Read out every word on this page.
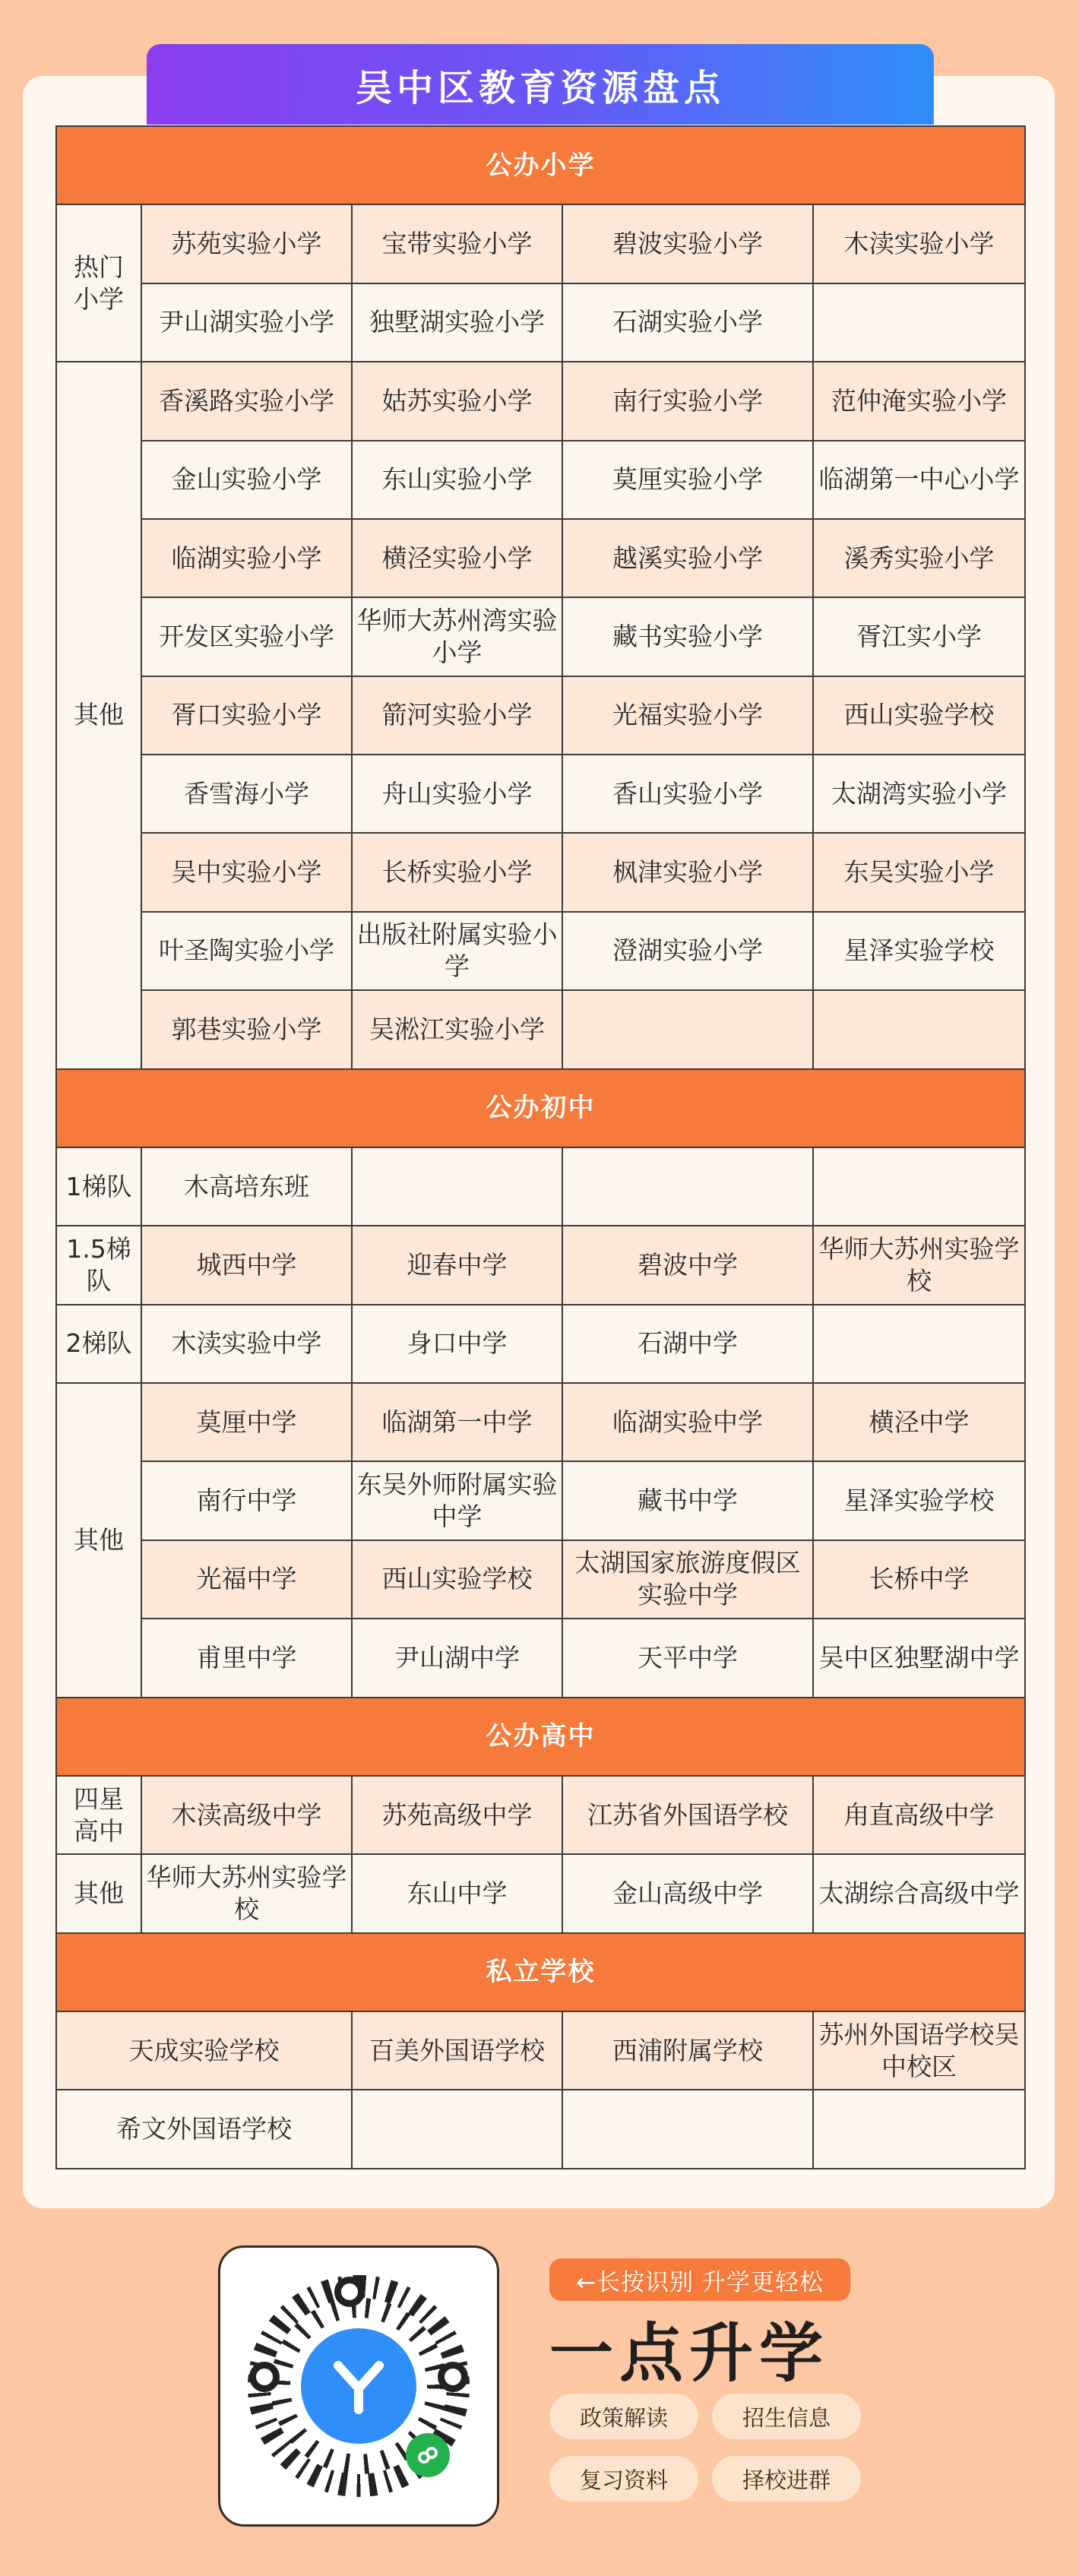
吴中区教育资源盘点
公办小学				
热门
小学	苏苑实验小学	宝带实验小学	碧波实验小学	木渎实验小学
	尹山湖实验小学	独墅湖实验小学	石湖实验小学	
其他	香溪路实验小学	姑苏实验小学	南行实验小学	范仲淹实验小学
	金山实验小学	东山实验小学	莫厘实验小学	临湖第一中心小学
	临湖实验小学	横泾实验小学	越溪实验小学	溪秀实验小学
	开发区实验小学	华师大苏州湾实验小学	藏书实验小学	胥江实小学
	胥口实验小学	箭河实验小学	光福实验小学	西山实验学校
	香雪海小学	舟山实验小学	香山实验小学	太湖湾实验小学
	吴中实验小学	长桥实验小学	枫津实验小学	东吴实验小学
	叶圣陶实验小学	出版社附属实验小学	澄湖实验小学	星泽实验学校
	郭巷实验小学	吴淞江实验小学		
公办初中				
1梯队	木高培东班			
1.5梯队	城西中学	迎春中学	碧波中学	华师大苏州实验学校
2梯队	木渎实验中学	身口中学	石湖中学	
其他	莫厘中学	临湖第一中学	临湖实验中学	横泾中学
	南行中学	东吴外师附属实验中学	藏书中学	星泽实验学校
	光福中学	西山实验学校	太湖国家旅游度假区实验中学	长桥中学
	甫里中学	尹山湖中学	天平中学	吴中区独墅湖中学
公办高中				
四星
高中	木渎高级中学	苏苑高级中学	江苏省外国语学校	甪直高级中学
其他	华师大苏州实验学校	东山中学	金山高级中学	太湖综合高级中学
私立学校				
天成实验学校		百美外国语学校	西浦附属学校	苏州外国语学校吴中校区
希文外国语学校				
←长按识别 升学更轻松
一点升学
政策解读	招生信息
复习资料	择校进群
